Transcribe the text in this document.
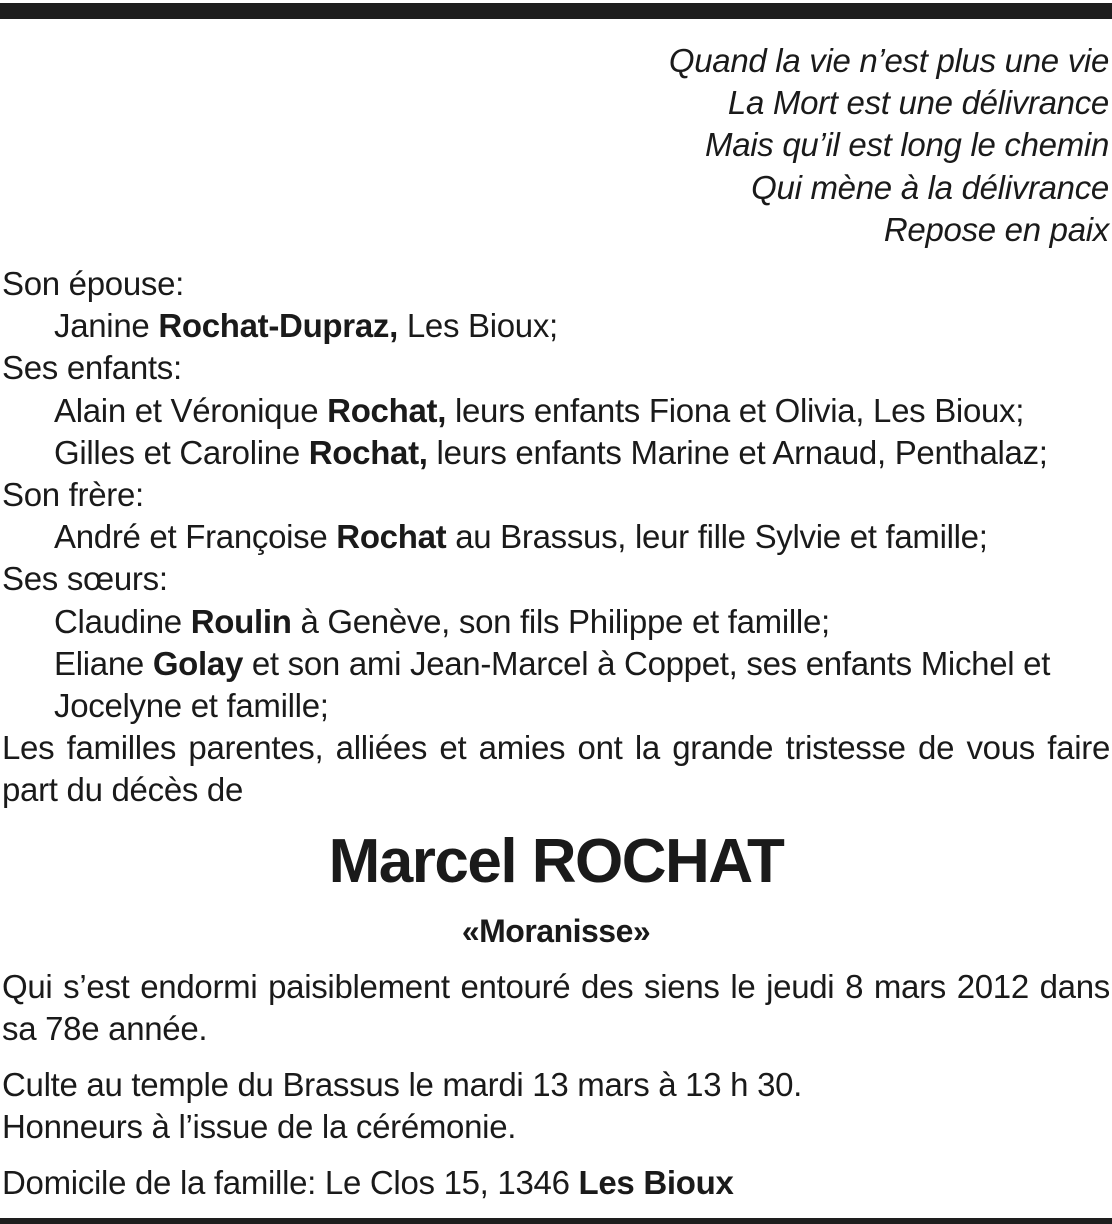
Quand la vie n’est plus une vie
La Mort est une délivrance
Mais qu’il est long le chemin
Qui mène à la délivrance
Repose en paix
Son épouse:
Janine Rochat-Dupraz, Les Bioux;
Ses enfants:
Alain et Véronique Rochat, leurs enfants Fiona et Olivia, Les Bioux;
Gilles et Caroline Rochat, leurs enfants Marine et Arnaud, Penthalaz;
Son frère:
André et Françoise Rochat au Brassus, leur fille Sylvie et famille;
Ses sœurs:
Claudine Roulin à Genève, son fils Philippe et famille;
Eliane Golay et son ami Jean-Marcel à Coppet, ses enfants Michel et Jocelyne et famille;
Les familles parentes, alliées et amies ont la grande tristesse de vous faire part du décès de
Marcel ROCHAT
«Moranisse»
Qui s’est endormi paisiblement entouré des siens le jeudi 8 mars 2012 dans sa 78e année.
Culte au temple du Brassus le mardi 13 mars à 13 h 30.
Honneurs à l’issue de la cérémonie.
Domicile de la famille: Le Clos 15, 1346 Les Bioux
